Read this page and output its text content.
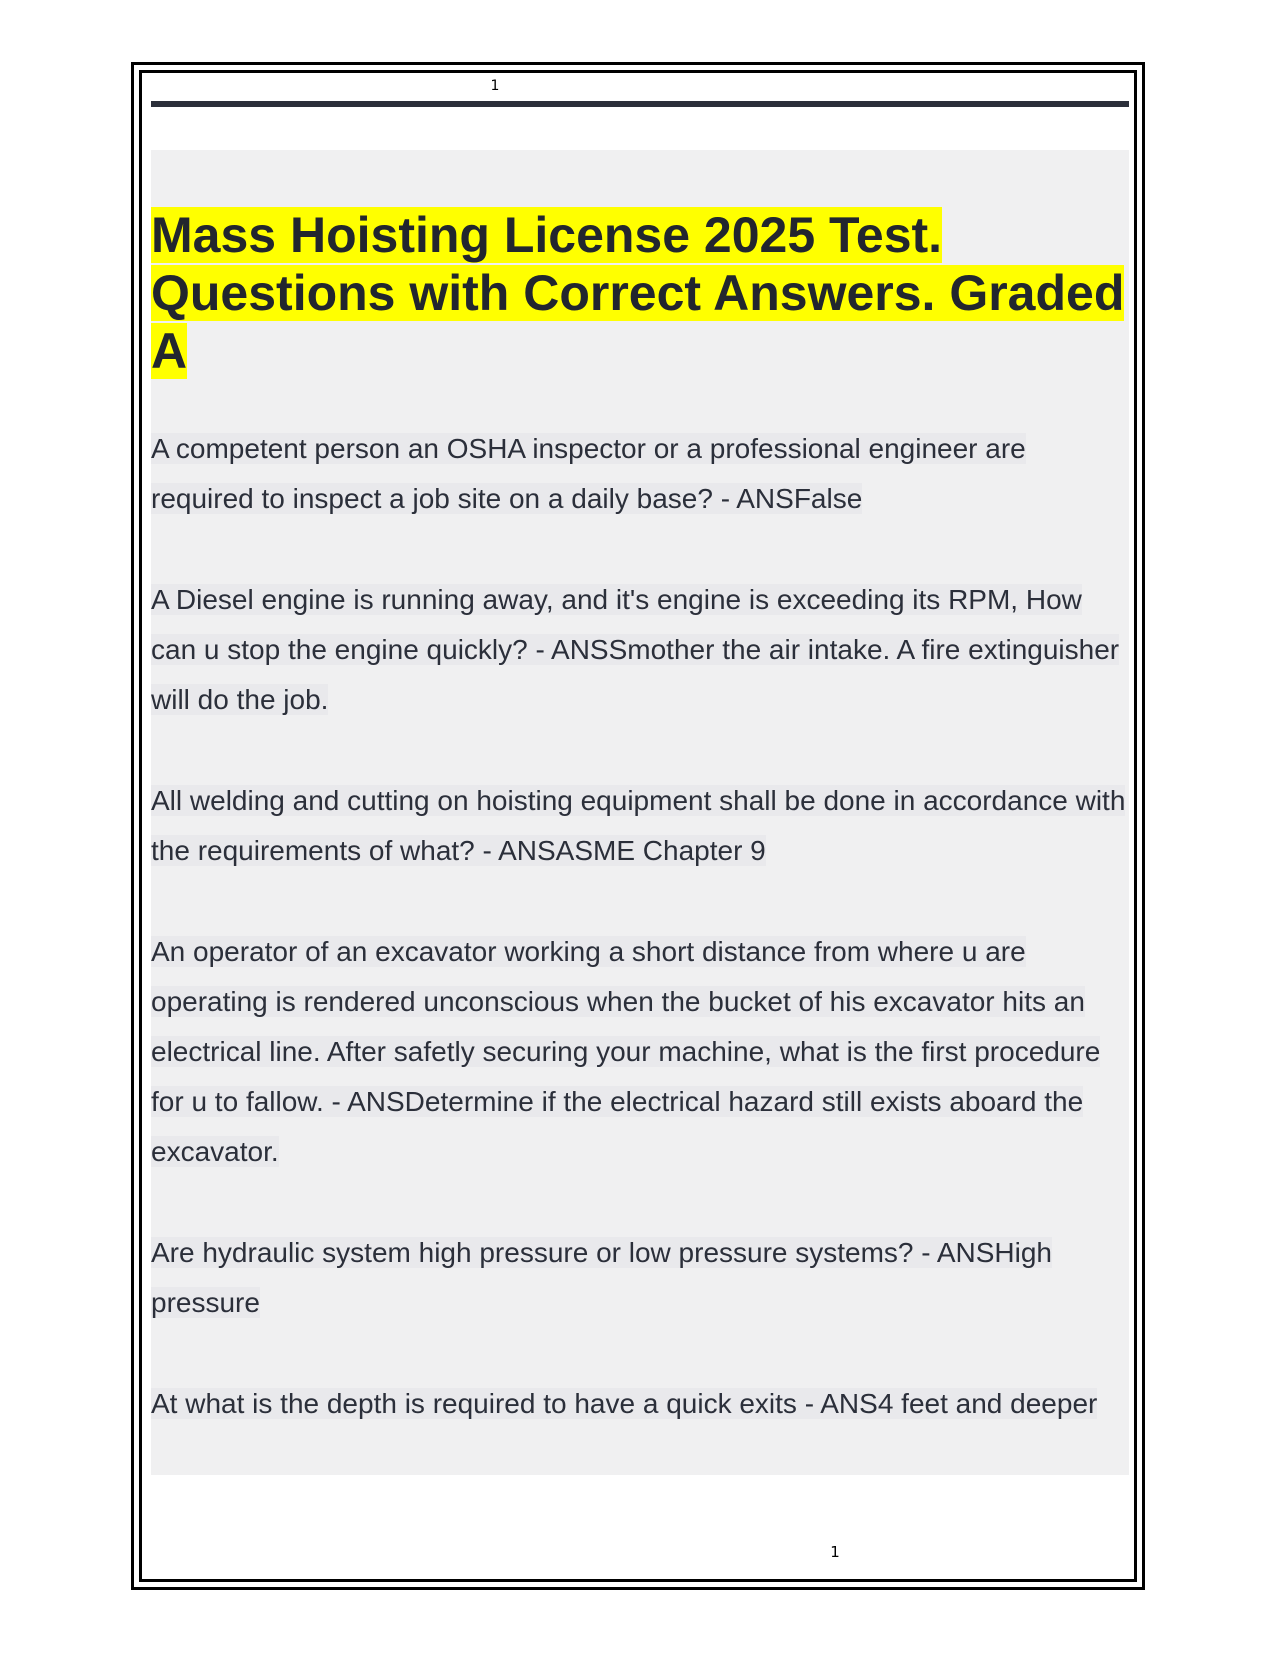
1
Mass Hoisting License 2025 Test. Questions with Correct Answers. Graded A

A competent person an OSHA inspector or a professional engineer are required to inspect a job site on a daily base? - ANSFalse

A Diesel engine is running away, and it's engine is exceeding its RPM, How can u stop the engine quickly? - ANSSmother the air intake. A fire extinguisher will do the job.

All welding and cutting on hoisting equipment shall be done in accordance with the requirements of what? - ANSASME Chapter 9

An operator of an excavator working a short distance from where u are operating is rendered unconscious when the bucket of his excavator hits an electrical line. After safetly securing your machine, what is the first procedure for u to fallow. - ANSDetermine if the electrical hazard still exists aboard the excavator.

Are hydraulic system high pressure or low pressure systems? - ANSHigh pressure

At what is the depth is required to have a quick exits - ANS4 feet and deeper

1
